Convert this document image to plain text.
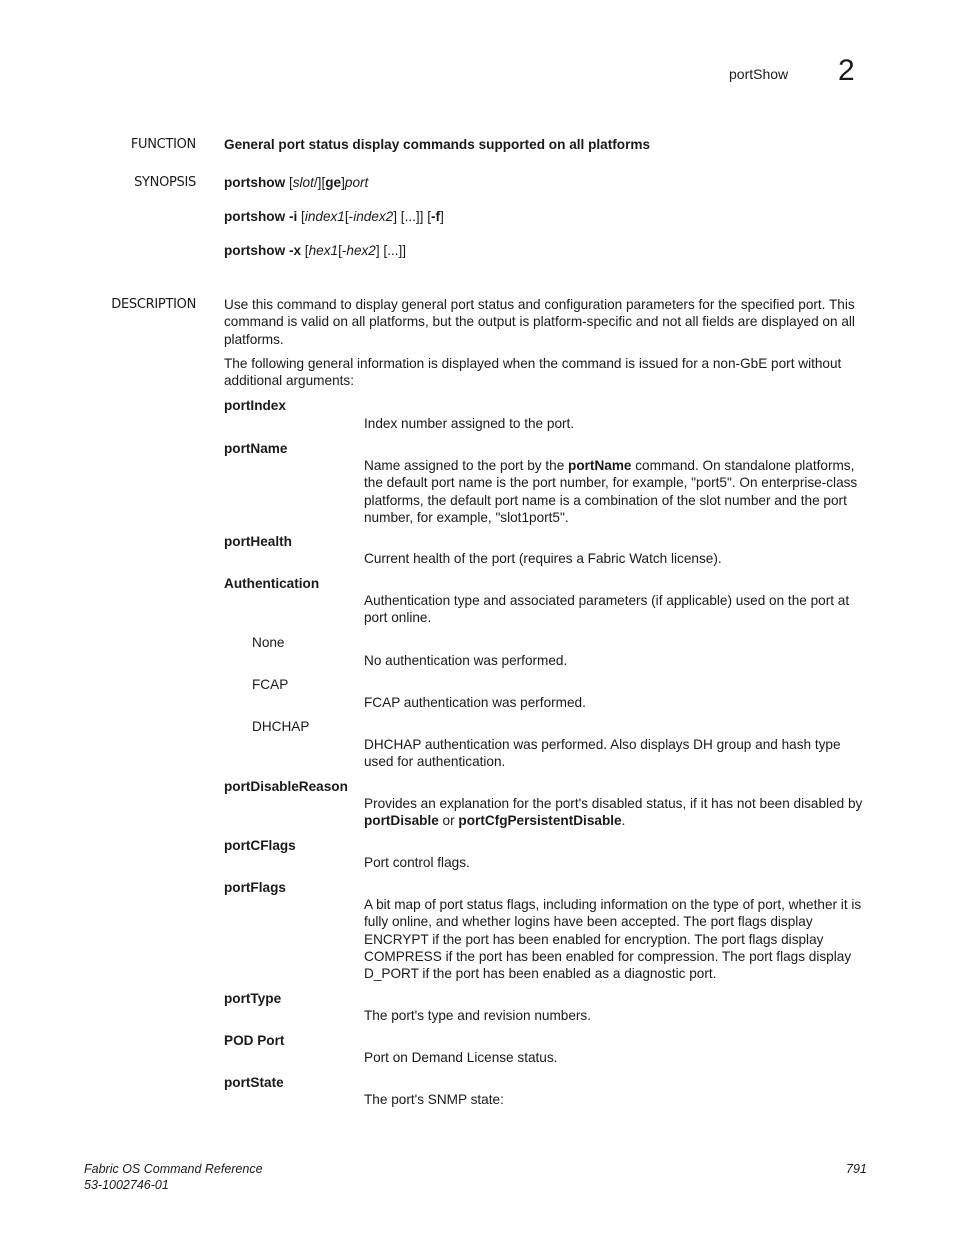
portShow 2
FUNCTION General port status display commands supported on all platforms
SYNOPSIS portshow [slot/][ge]port
portshow -i [index1[-index2] [...]] [-f]
portshow -x [hex1[-hex2] [...]]
DESCRIPTION Use this command to display general port status and configuration parameters for the specified port. This command is valid on all platforms, but the output is platform-specific and not all fields are displayed on all platforms.
The following general information is displayed when the command is issued for a non-GbE port without additional arguments:
portIndex
Index number assigned to the port.
portName
Name assigned to the port by the portName command. On standalone platforms, the default port name is the port number, for example, "port5". On enterprise-class platforms, the default port name is a combination of the slot number and the port number, for example, "slot1port5".
portHealth
Current health of the port (requires a Fabric Watch license).
Authentication
Authentication type and associated parameters (if applicable) used on the port at port online.
None
No authentication was performed.
FCAP
FCAP authentication was performed.
DHCHAP
DHCHAP authentication was performed. Also displays DH group and hash type used for authentication.
portDisableReason
Provides an explanation for the port's disabled status, if it has not been disabled by portDisable or portCfgPersistentDisable.
portCFlags
Port control flags.
portFlags
A bit map of port status flags, including information on the type of port, whether it is fully online, and whether logins have been accepted. The port flags display ENCRYPT if the port has been enabled for encryption. The port flags display COMPRESS if the port has been enabled for compression. The port flags display D_PORT if the port has been enabled as a diagnostic port.
portType
The port's type and revision numbers.
POD Port
Port on Demand License status.
portState
The port's SNMP state:
Fabric OS Command Reference
53-1002746-01
791
